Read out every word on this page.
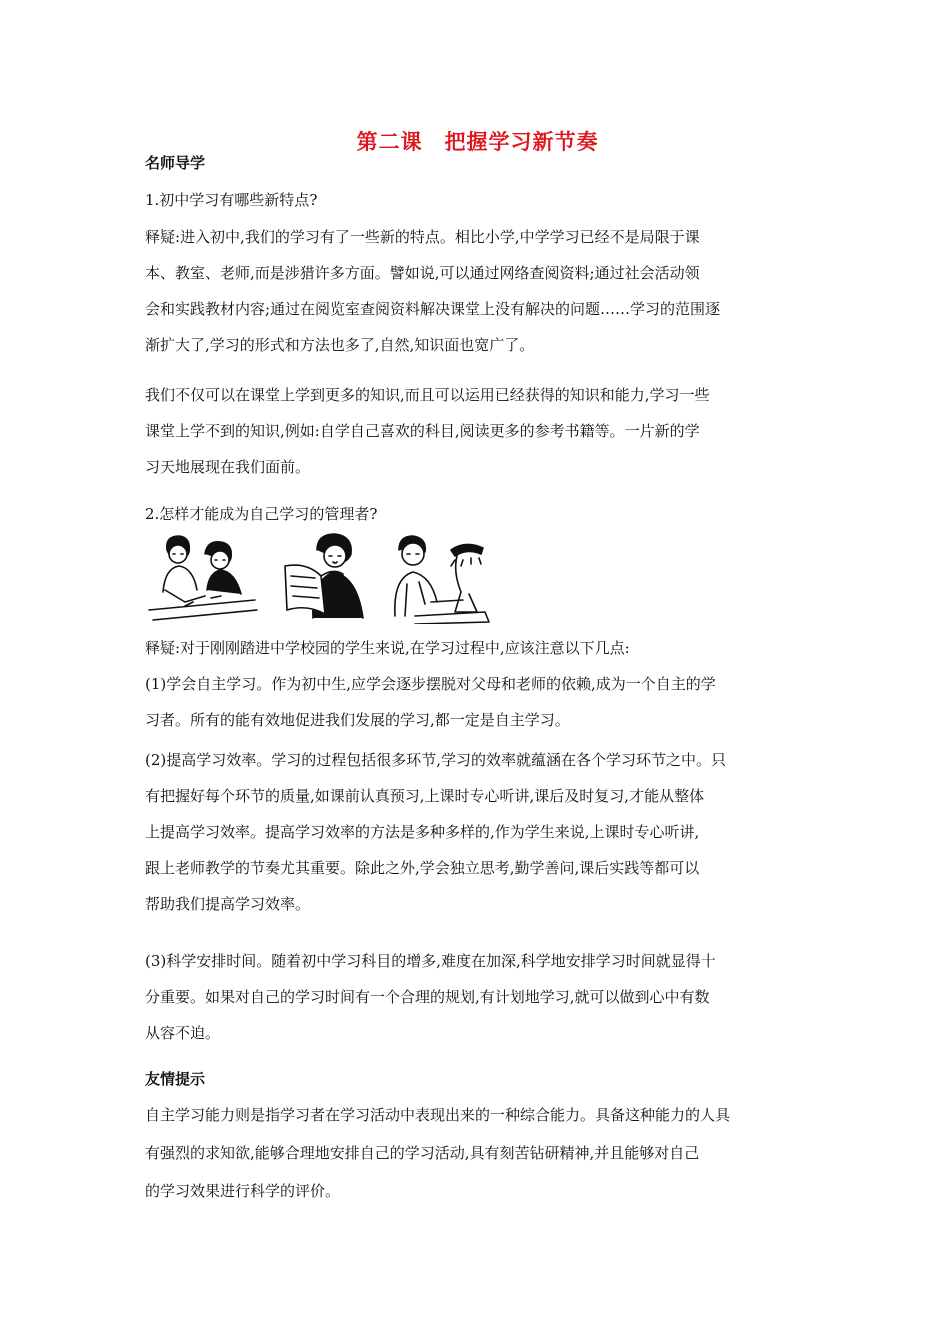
第二课 把握学习新节奏
名师导学
1.初中学习有哪些新特点?
释疑:进入初中,我们的学习有了一些新的特点。相比小学,中学学习已经不是局限于课
本、教室、老师,而是涉猎许多方面。譬如说,可以通过网络查阅资料;通过社会活动领
会和实践教材内容;通过在阅览室查阅资料解决课堂上没有解决的问题……学习的范围逐
渐扩大了,学习的形式和方法也多了,自然,知识面也宽广了。
我们不仅可以在课堂上学到更多的知识,而且可以运用已经获得的知识和能力,学习一些
课堂上学不到的知识,例如:自学自己喜欢的科目,阅读更多的参考书籍等。一片新的学
习天地展现在我们面前。
2.怎样才能成为自己学习的管理者?
释疑:对于刚刚踏进中学校园的学生来说,在学习过程中,应该注意以下几点:
(1)学会自主学习。作为初中生,应学会逐步摆脱对父母和老师的依赖,成为一个自主的学
习者。所有的能有效地促进我们发展的学习,都一定是自主学习。
(2)提高学习效率。学习的过程包括很多环节,学习的效率就蕴涵在各个学习环节之中。只
有把握好每个环节的质量,如课前认真预习,上课时专心听讲,课后及时复习,才能从整体
上提高学习效率。提高学习效率的方法是多种多样的,作为学生来说,上课时专心听讲,
跟上老师教学的节奏尤其重要。除此之外,学会独立思考,勤学善问,课后实践等都可以
帮助我们提高学习效率。
(3)科学安排时间。随着初中学习科目的增多,难度在加深,科学地安排学习时间就显得十
分重要。如果对自己的学习时间有一个合理的规划,有计划地学习,就可以做到心中有数
从容不迫。
友情提示
自主学习能力则是指学习者在学习活动中表现出来的一种综合能力。具备这种能力的人具
有强烈的求知欲,能够合理地安排自己的学习活动,具有刻苦钻研精神,并且能够对自己
的学习效果进行科学的评价。
